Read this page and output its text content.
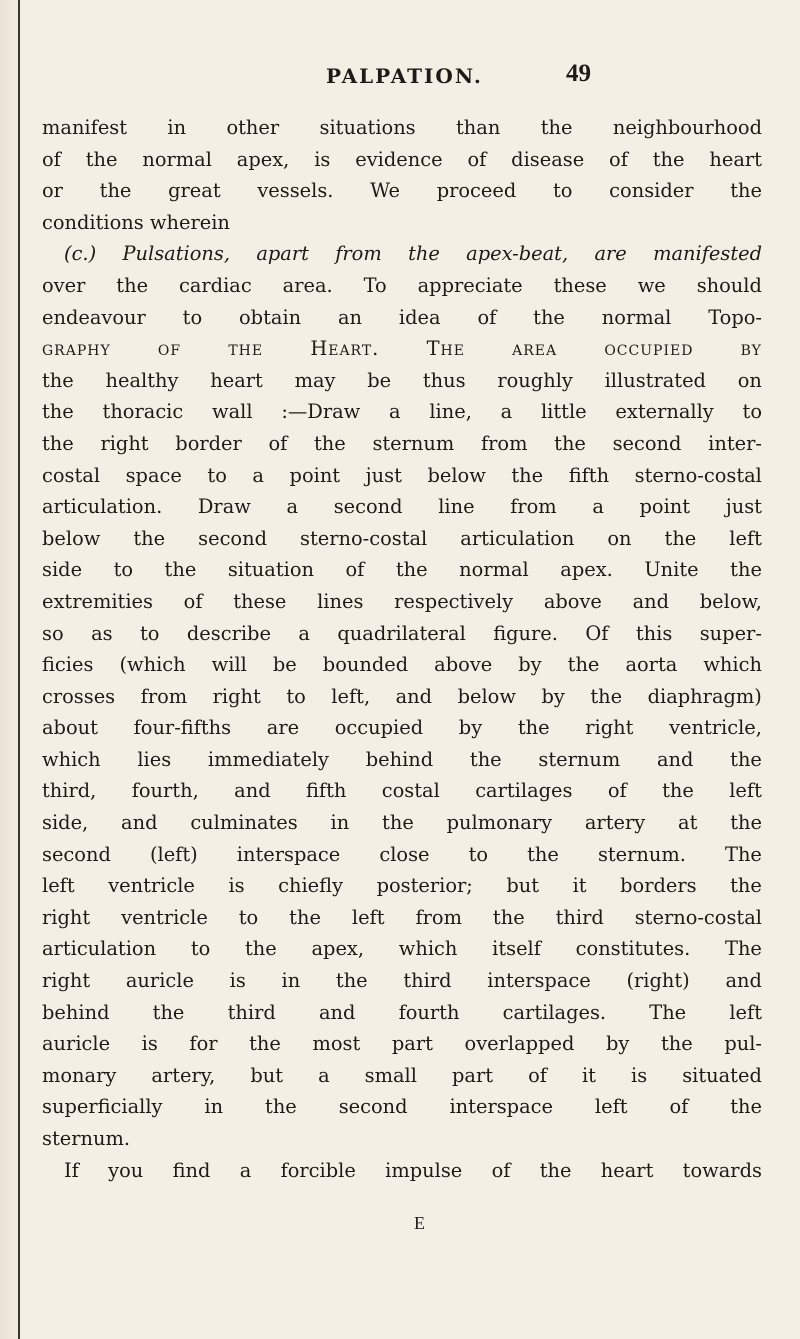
PALPATION.	49
manifest in other situations than the neighbourhood
of the normal apex, is evidence of disease of the heart
or the great vessels. We proceed to consider the
conditions wherein
(c.) Pulsations, apart from the apex-beat, are manifested
over the cardiac area. To appreciate these we should
endeavour to obtain an idea of the normal Topo-
graphy of the Heart. The area occupied by
the healthy heart may be thus roughly illustrated on
the thoracic wall :—Draw a line, a little externally to
the right border of the sternum from the second inter-
costal space to a point just below the fifth sterno-costal
articulation. Draw a second line from a point just
below the second sterno-costal articulation on the left
side to the situation of the normal apex. Unite the
extremities of these lines respectively above and below,
so as to describe a quadrilateral figure. Of this super-
ficies (which will be bounded above by the aorta which
crosses from right to left, and below by the diaphragm)
about four-fifths are occupied by the right ventricle,
which lies immediately behind the sternum and the
third, fourth, and fifth costal cartilages of the left
side, and culminates in the pulmonary artery at the
second (left) interspace close to the sternum. The
left ventricle is chiefly posterior; but it borders the
right ventricle to the left from the third sterno-costal
articulation to the apex, which itself constitutes. The
right auricle is in the third interspace (right) and
behind the third and fourth cartilages. The left
auricle is for the most part overlapped by the pul-
monary artery, but a small part of it is situated
superficially in the second interspace left of the
sternum.
If you find a forcible impulse of the heart towards
E
